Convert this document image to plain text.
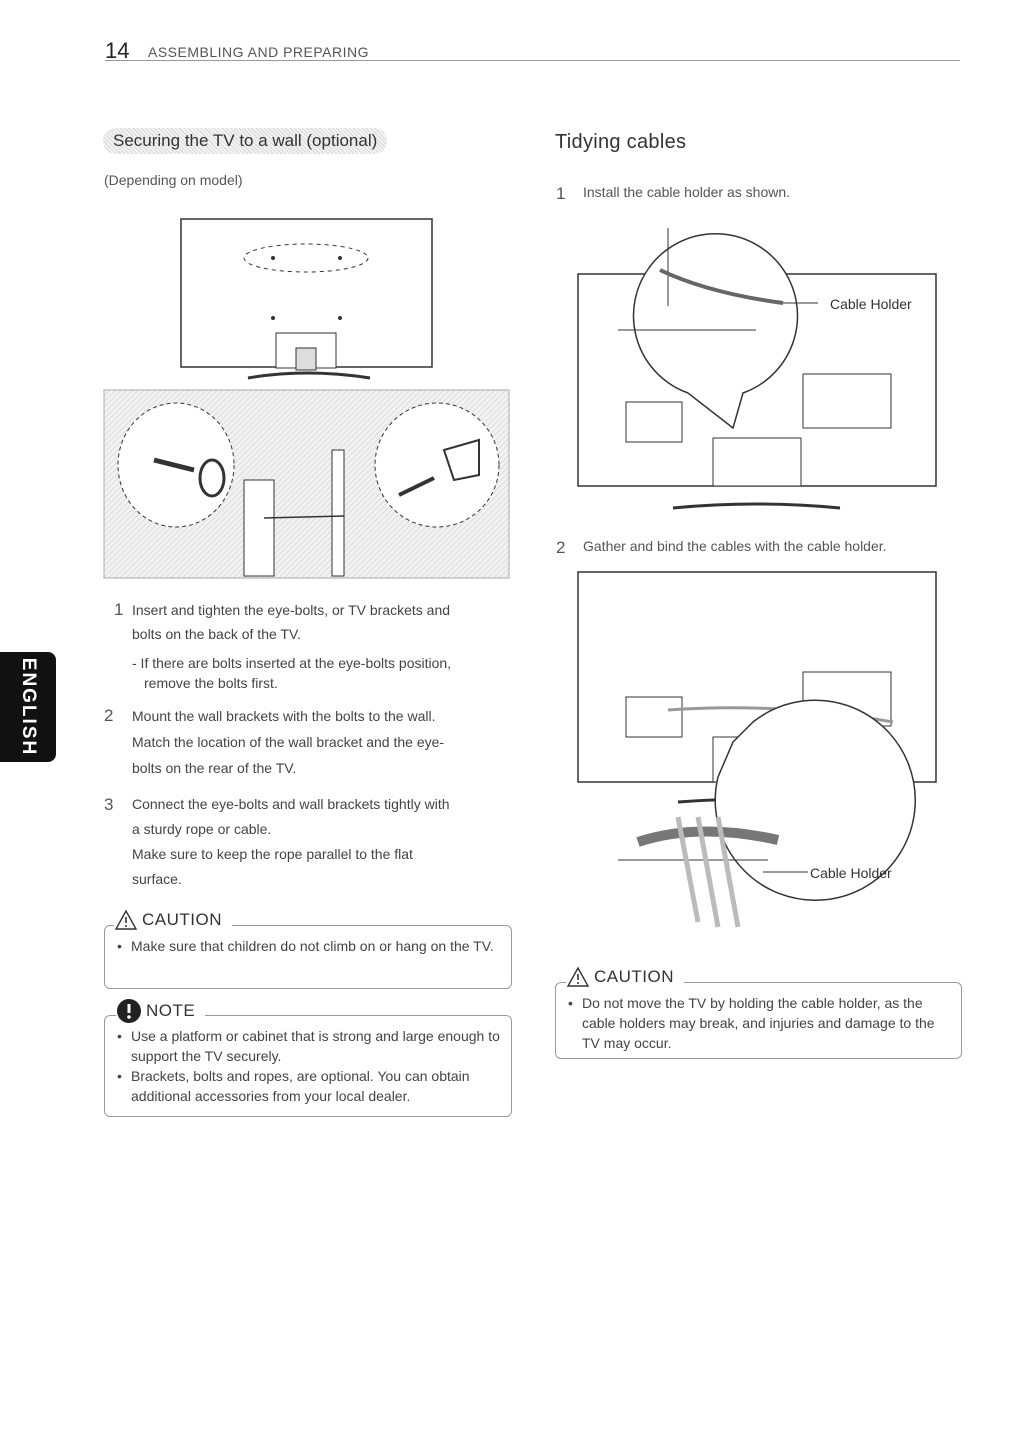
14 ASSEMBLING AND PREPARING
ENGLISH
Securing the TV to a wall (optional)
(Depending on model)
1 Insert and tighten the eye-bolts, or TV brackets and
bolts on the back of the TV.
- If there are bolts inserted at the eye-bolts position,
remove the bolts first.
2 Mount the wall brackets with the bolts to the wall.
Match the location of the wall bracket and the eye-
bolts on the rear of the TV.
3 Connect the eye-bolts and wall brackets tightly with
a sturdy rope or cable.
Make sure to keep the rope parallel to the flat
surface.
• Make sure that children do not climb on or hang on the TV.
CAUTION
• Use a platform or cabinet that is strong and large enough to support the TV securely.
• Brackets, bolts and ropes, are optional. You can obtain additional accessories from your local dealer.
NOTE
Tidying cables
1 Install the cable holder as shown.
Cable Holder
2 Gather and bind the cables with the cable holder.
Cable Holder
• Do not move the TV by holding the cable holder, as the cable holders may break, and injuries and damage to the TV may occur.
CAUTION
